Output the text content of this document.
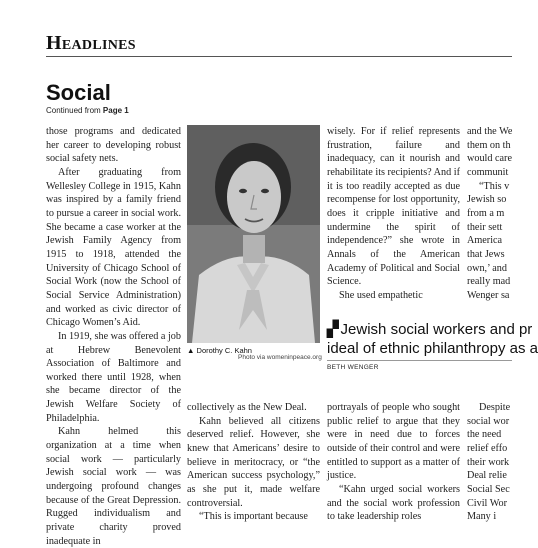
Headlines
Social
Continued from Page 1

those programs and dedicated her career to developing robust social safety nets.

After graduating from Wellesley College in 1915, Kahn was inspired by a family friend to pursue a career in social work. She became a case worker at the Jewish Family Agency from 1915 to 1918, attended the University of Chicago School of Social Work (now the School of Social Service Administration) and worked as civic director of Chicago Women’s Aid.

In 1919, she was offered a job at Hebrew Benevolent Association of Baltimore and worked there until 1928, when she became director of the Jewish Welfare Society of Philadelphia.

Kahn helmed this organization at a time when social work — particularly Jewish social work — was undergoing profound changes because of the Great Depression. Rugged individualism and private charity proved inadequate in

▲ Dorothy C. Kahn
Photo via womeninpeace.org

collectively as the New Deal.

Kahn believed all citizens deserved relief. However, she knew that Americans’ desire to believe in meritocracy, or “the American success psychology,” as she put it, made welfare controversial.

“This is important because

wisely. For if relief represents frustration, failure and inadequacy, can it nourish and rehabilitate its recipients? And if it is too readily accepted as due recompense for lost opportunity, does it cripple initiative and undermine the spirit of independence?” she wrote in Annals of the American Academy of Political and Social Science.

She used empathetic

▞ Jewish social workers and pr
ideal of ethnic philanthropy as a
BETH WENGER

portrayals of people who sought public relief to argue that they were in need due to forces outside of their control and were entitled to support as a matter of justice.

“Kahn urged social workers and the social work profession to take leadership roles

and the We
them on th
would care
communit
“This v
Jewish so
from a m
their sett
America
that Jews
own,’ and
really mad
Wenger sa
Despite
social wor
the need
relief effo
their work
Deal relie
Social Sec
Civil Wor
Many i
